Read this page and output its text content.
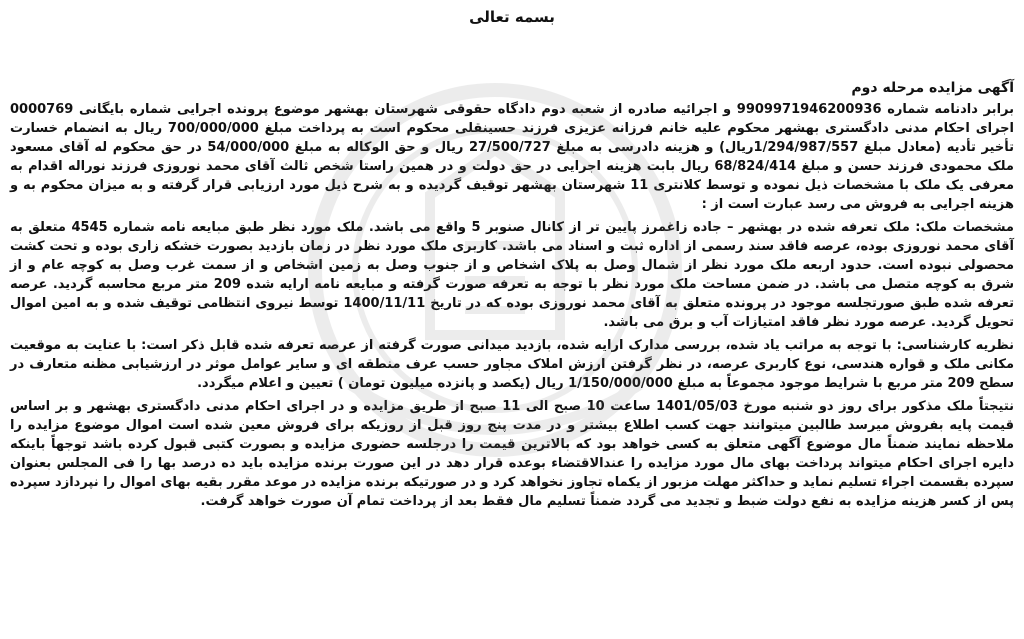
بسمه تعالی
آگهی مزایده مرحله دوم

برابر دادنامه شماره 9909971946200936 و اجرائیه صادره از شعبه دوم دادگاه حقوقی شهرستان بهشهر موضوع پرونده اجرایی شماره بایگانی 0000769 اجرای احکام مدنی دادگستری بهشهر محکوم علیه خانم فرزانه عزیزی فرزند حسینقلی محکوم است به پرداخت مبلغ 700/000/000 ریال به انضمام خسارت تأخیر تأدیه (معادل مبلغ 1/294/987/557ریال) و هزینه دادرسی به مبلغ 27/500/727 ریال و حق الوکاله به مبلغ 54/000/000 در حق محکوم له آقای مسعود ملک محمودی فرزند حسن و مبلغ 68/824/414 ریال بابت هزینه اجرایی در حق دولت و در همین راستا شخص ثالث آقای محمد نوروزی فرزند نوراله اقدام به معرفی یک ملک با مشخصات ذیل نموده و توسط کلانتری 11 شهرستان بهشهر توقیف گردیده و به شرح ذیل مورد ارزیابی قرار گرفته و به میزان محکوم به و هزینه اجرایی به فروش می رسد عبارت است از :

مشخصات ملک: ملک تعرفه شده در بهشهر – جاده زاغمرز پایین تر از کانال صنوبر 5 واقع می باشد. ملک مورد نظر طبق مبایعه نامه شماره 4545 متعلق به آقای محمد نوروزی بوده، عرصه فاقد سند رسمی از اداره ثبت و اسناد می باشد. کاربری ملک مورد نظر در زمان بازدید بصورت خشکه زاری بوده و تحت کشت محصولی نبوده است. حدود اربعه ملک مورد نظر از شمال وصل به پلاک اشخاص و از جنوب وصل به زمین اشخاص و از سمت غرب وصل به کوچه عام و از شرق به کوچه متصل می باشد. در ضمن مساحت ملک مورد نظر با توجه به تعرفه صورت گرفته و مبایعه نامه ارایه شده 209 متر مربع محاسبه گردید. عرصه تعرفه شده طبق صورتجلسه موجود در پرونده متعلق به آقای محمد نوروزی بوده که در تاریخ 1400/11/11 توسط نیروی انتظامی توقیف شده و به امین اموال تحویل گردید. عرصه مورد نظر فاقد امتیازات آب و برق می باشد.

نظریه کارشناسی: با توجه به مراتب یاد شده، بررسی مدارک ارایه شده، بازدید میدانی صورت گرفته از عرصه تعرفه شده قابل ذکر است: با عنایت به موقعیت مکانی ملک و قواره هندسی، نوع کاربری عرصه، در نظر گرفتن ارزش املاک مجاور حسب عرف منطقه ای و سایر عوامل موثر در ارزشیابی مظنه متعارف در سطح 209 متر مربع با شرایط موجود مجموعاً به مبلغ 1/150/000/000 ریال (یکصد و پانزده میلیون تومان ) تعیین و اعلام میگردد.

نتیجتاً ملک مذکور برای روز دو شنبه مورخ 1401/05/03 ساعت 10 صبح الی 11 صبح از طریق مزایده و در اجرای احکام مدنی دادگستری بهشهر و بر اساس قیمت پایه بفروش میرسد طالبین میتوانند جهت کسب اطلاع بیشتر و در مدت پنج روز قبل از روزیکه برای فروش معین شده است اموال موضوع مزایده را ملاحظه نمایند ضمناً مال موضوع آگهی متعلق به کسی خواهد بود که بالاترین قیمت را درجلسه حضوری مزایده و بصورت کتبی قبول کرده باشد توجهاً باینکه دایره اجرای احکام میتواند پرداخت بهای مال مورد مزایده را عندالاقتضاء بوعده قرار دهد در این صورت برنده مزایده باید ده درصد بها را فی المجلس بعنوان سپرده بقسمت اجراء تسلیم نماید و حداکثر مهلت مزبور از یکماه تجاوز نخواهد کرد و در صورتیکه برنده مزایده در موعد مقرر بقیه بهای اموال را نپردازد سپرده پس از کسر هزینه مزایده به نفع دولت ضبط و تجدید می گردد ضمناً تسلیم مال فقط بعد از پرداخت تمام آن صورت خواهد گرفت.
